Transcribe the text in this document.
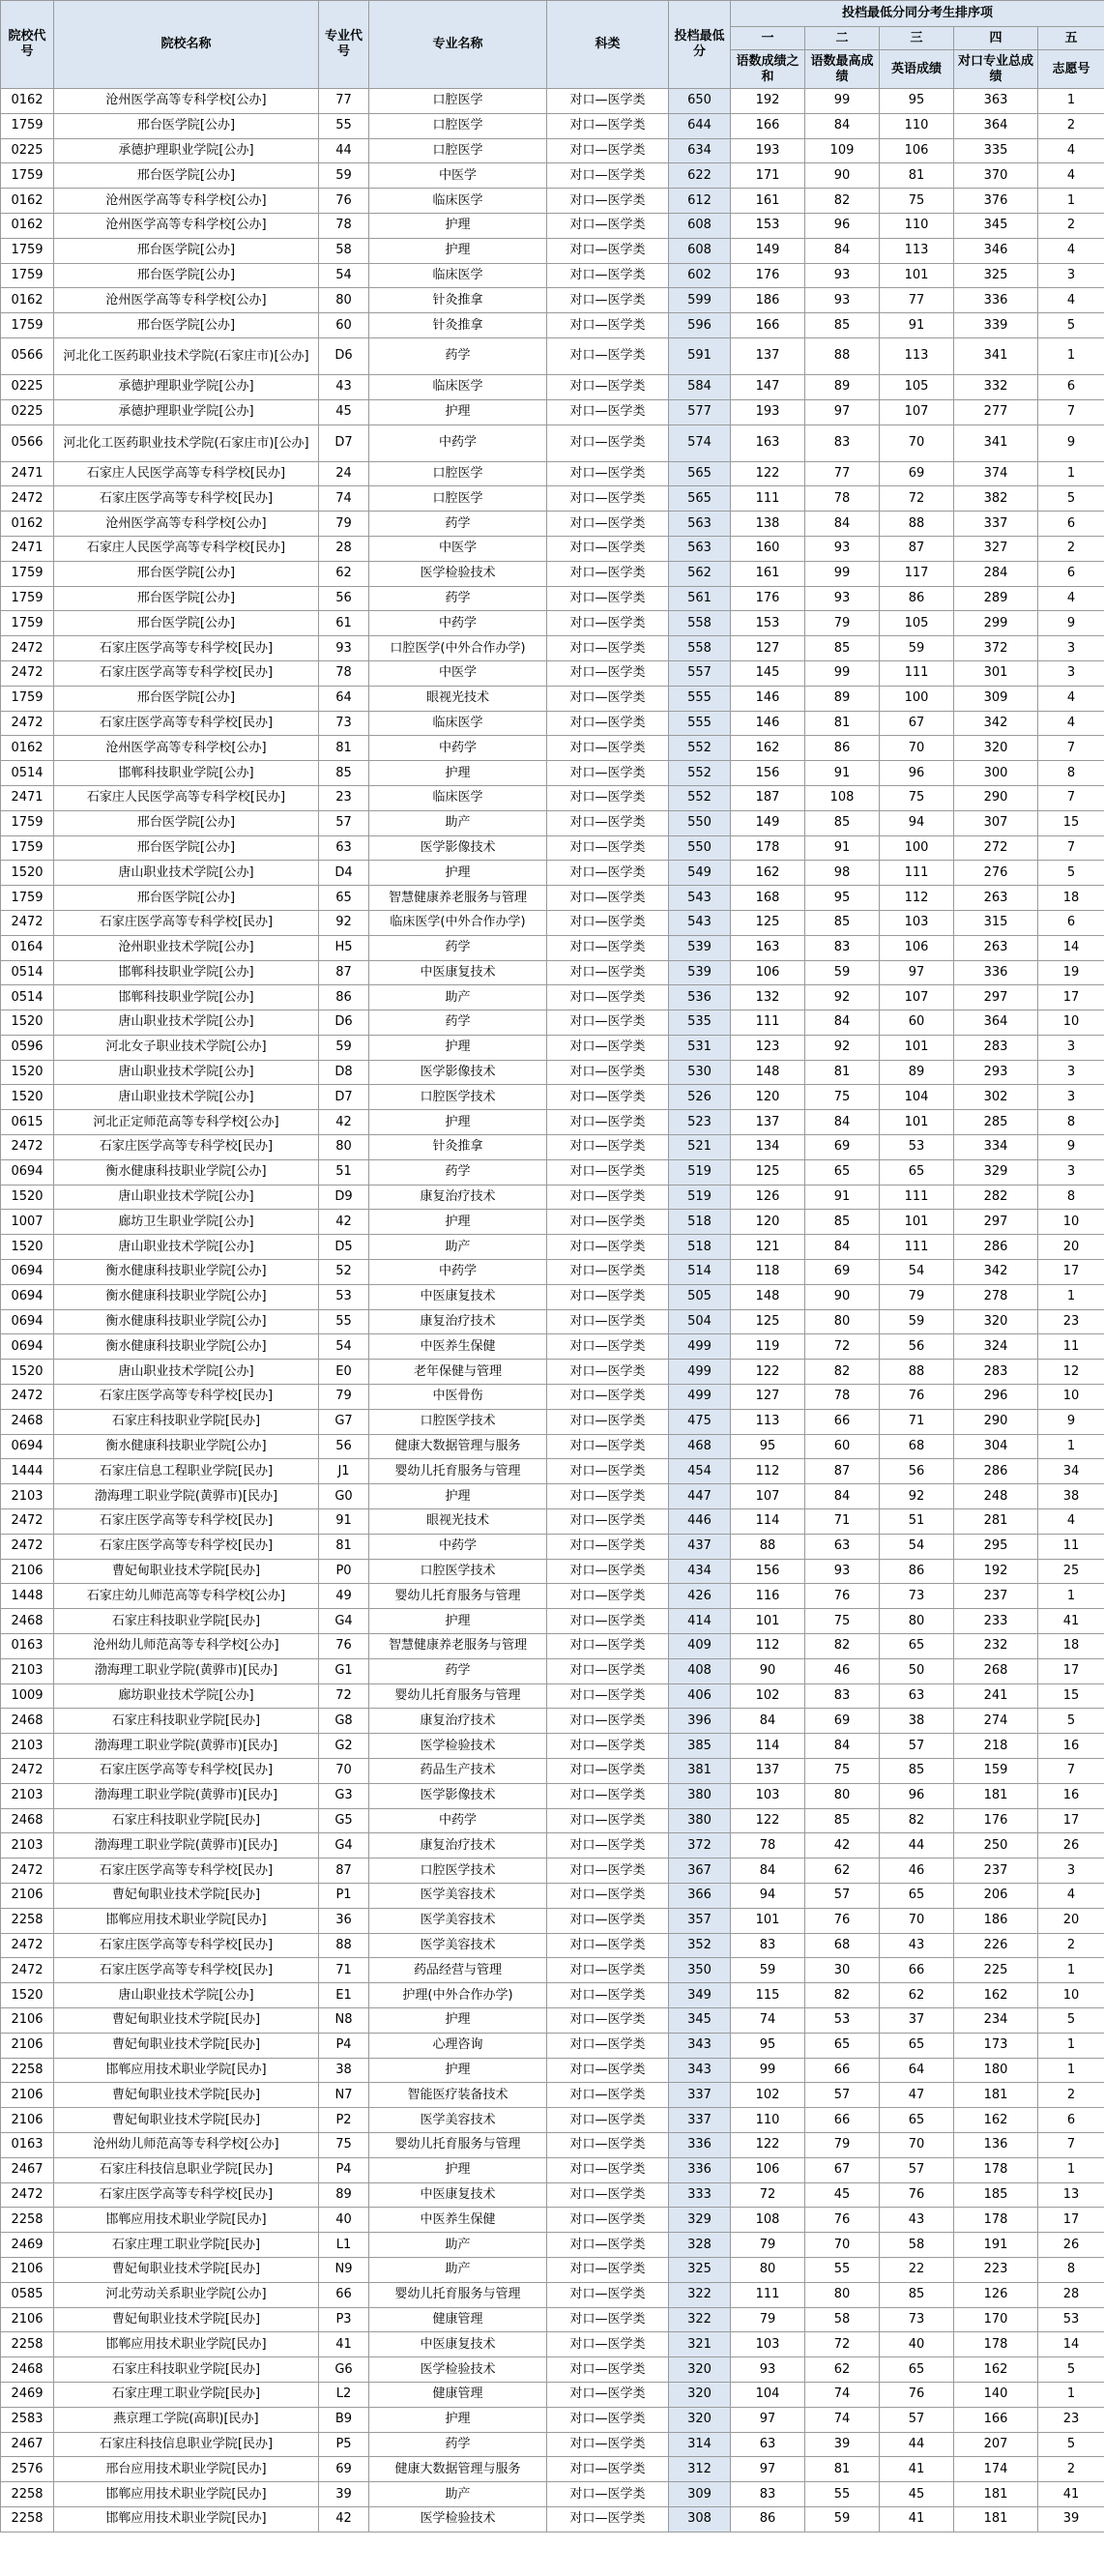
院校代号	院校名称	专业代号	专业名称	科类	投档最低分	投档最低分同分考生排序项				
						一	二	三	四	五
						语数成绩之和	语数最高成绩	英语成绩	对口专业总成绩	志愿号
0162	沧州医学高等专科学校[公办]	77	口腔医学	对口—医学类	650	192	99	95	363	1
1759	邢台医学院[公办]	55	口腔医学	对口—医学类	644	166	84	110	364	2
0225	承德护理职业学院[公办]	44	口腔医学	对口—医学类	634	193	109	106	335	4
1759	邢台医学院[公办]	59	中医学	对口—医学类	622	171	90	81	370	4
0162	沧州医学高等专科学校[公办]	76	临床医学	对口—医学类	612	161	82	75	376	1
0162	沧州医学高等专科学校[公办]	78	护理	对口—医学类	608	153	96	110	345	2
1759	邢台医学院[公办]	58	护理	对口—医学类	608	149	84	113	346	4
1759	邢台医学院[公办]	54	临床医学	对口—医学类	602	176	93	101	325	3
0162	沧州医学高等专科学校[公办]	80	针灸推拿	对口—医学类	599	186	93	77	336	4
1759	邢台医学院[公办]	60	针灸推拿	对口—医学类	596	166	85	91	339	5
0566	河北化工医药职业技术学院(石家庄市)[公办]	D6	药学	对口—医学类	591	137	88	113	341	1
0225	承德护理职业学院[公办]	43	临床医学	对口—医学类	584	147	89	105	332	6
0225	承德护理职业学院[公办]	45	护理	对口—医学类	577	193	97	107	277	7
0566	河北化工医药职业技术学院(石家庄市)[公办]	D7	中药学	对口—医学类	574	163	83	70	341	9
2471	石家庄人民医学高等专科学校[民办]	24	口腔医学	对口—医学类	565	122	77	69	374	1
2472	石家庄医学高等专科学校[民办]	74	口腔医学	对口—医学类	565	111	78	72	382	5
0162	沧州医学高等专科学校[公办]	79	药学	对口—医学类	563	138	84	88	337	6
2471	石家庄人民医学高等专科学校[民办]	28	中医学	对口—医学类	563	160	93	87	327	2
1759	邢台医学院[公办]	62	医学检验技术	对口—医学类	562	161	99	117	284	6
1759	邢台医学院[公办]	56	药学	对口—医学类	561	176	93	86	289	4
1759	邢台医学院[公办]	61	中药学	对口—医学类	558	153	79	105	299	9
2472	石家庄医学高等专科学校[民办]	93	口腔医学(中外合作办学)	对口—医学类	558	127	85	59	372	3
2472	石家庄医学高等专科学校[民办]	78	中医学	对口—医学类	557	145	99	111	301	3
1759	邢台医学院[公办]	64	眼视光技术	对口—医学类	555	146	89	100	309	4
2472	石家庄医学高等专科学校[民办]	73	临床医学	对口—医学类	555	146	81	67	342	4
0162	沧州医学高等专科学校[公办]	81	中药学	对口—医学类	552	162	86	70	320	7
0514	邯郸科技职业学院[公办]	85	护理	对口—医学类	552	156	91	96	300	8
2471	石家庄人民医学高等专科学校[民办]	23	临床医学	对口—医学类	552	187	108	75	290	7
1759	邢台医学院[公办]	57	助产	对口—医学类	550	149	85	94	307	15
1759	邢台医学院[公办]	63	医学影像技术	对口—医学类	550	178	91	100	272	7
1520	唐山职业技术学院[公办]	D4	护理	对口—医学类	549	162	98	111	276	5
1759	邢台医学院[公办]	65	智慧健康养老服务与管理	对口—医学类	543	168	95	112	263	18
2472	石家庄医学高等专科学校[民办]	92	临床医学(中外合作办学)	对口—医学类	543	125	85	103	315	6
0164	沧州职业技术学院[公办]	H5	药学	对口—医学类	539	163	83	106	263	14
0514	邯郸科技职业学院[公办]	87	中医康复技术	对口—医学类	539	106	59	97	336	19
0514	邯郸科技职业学院[公办]	86	助产	对口—医学类	536	132	92	107	297	17
1520	唐山职业技术学院[公办]	D6	药学	对口—医学类	535	111	84	60	364	10
0596	河北女子职业技术学院[公办]	59	护理	对口—医学类	531	123	92	101	283	3
1520	唐山职业技术学院[公办]	D8	医学影像技术	对口—医学类	530	148	81	89	293	3
1520	唐山职业技术学院[公办]	D7	口腔医学技术	对口—医学类	526	120	75	104	302	3
0615	河北正定师范高等专科学校[公办]	42	护理	对口—医学类	523	137	84	101	285	8
2472	石家庄医学高等专科学校[民办]	80	针灸推拿	对口—医学类	521	134	69	53	334	9
0694	衡水健康科技职业学院[公办]	51	药学	对口—医学类	519	125	65	65	329	3
1520	唐山职业技术学院[公办]	D9	康复治疗技术	对口—医学类	519	126	91	111	282	8
1007	廊坊卫生职业学院[公办]	42	护理	对口—医学类	518	120	85	101	297	10
1520	唐山职业技术学院[公办]	D5	助产	对口—医学类	518	121	84	111	286	20
0694	衡水健康科技职业学院[公办]	52	中药学	对口—医学类	514	118	69	54	342	17
0694	衡水健康科技职业学院[公办]	53	中医康复技术	对口—医学类	505	148	90	79	278	1
0694	衡水健康科技职业学院[公办]	55	康复治疗技术	对口—医学类	504	125	80	59	320	23
0694	衡水健康科技职业学院[公办]	54	中医养生保健	对口—医学类	499	119	72	56	324	11
1520	唐山职业技术学院[公办]	E0	老年保健与管理	对口—医学类	499	122	82	88	283	12
2472	石家庄医学高等专科学校[民办]	79	中医骨伤	对口—医学类	499	127	78	76	296	10
2468	石家庄科技职业学院[民办]	G7	口腔医学技术	对口—医学类	475	113	66	71	290	9
0694	衡水健康科技职业学院[公办]	56	健康大数据管理与服务	对口—医学类	468	95	60	68	304	1
1444	石家庄信息工程职业学院[民办]	J1	婴幼儿托育服务与管理	对口—医学类	454	112	87	56	286	34
2103	渤海理工职业学院(黄骅市)[民办]	G0	护理	对口—医学类	447	107	84	92	248	38
2472	石家庄医学高等专科学校[民办]	91	眼视光技术	对口—医学类	446	114	71	51	281	4
2472	石家庄医学高等专科学校[民办]	81	中药学	对口—医学类	437	88	63	54	295	11
2106	曹妃甸职业技术学院[民办]	P0	口腔医学技术	对口—医学类	434	156	93	86	192	25
1448	石家庄幼儿师范高等专科学校[公办]	49	婴幼儿托育服务与管理	对口—医学类	426	116	76	73	237	1
2468	石家庄科技职业学院[民办]	G4	护理	对口—医学类	414	101	75	80	233	41
0163	沧州幼儿师范高等专科学校[公办]	76	智慧健康养老服务与管理	对口—医学类	409	112	82	65	232	18
2103	渤海理工职业学院(黄骅市)[民办]	G1	药学	对口—医学类	408	90	46	50	268	17
1009	廊坊职业技术学院[公办]	72	婴幼儿托育服务与管理	对口—医学类	406	102	83	63	241	15
2468	石家庄科技职业学院[民办]	G8	康复治疗技术	对口—医学类	396	84	69	38	274	5
2103	渤海理工职业学院(黄骅市)[民办]	G2	医学检验技术	对口—医学类	385	114	84	57	218	16
2472	石家庄医学高等专科学校[民办]	70	药品生产技术	对口—医学类	381	137	75	85	159	7
2103	渤海理工职业学院(黄骅市)[民办]	G3	医学影像技术	对口—医学类	380	103	80	96	181	16
2468	石家庄科技职业学院[民办]	G5	中药学	对口—医学类	380	122	85	82	176	17
2103	渤海理工职业学院(黄骅市)[民办]	G4	康复治疗技术	对口—医学类	372	78	42	44	250	26
2472	石家庄医学高等专科学校[民办]	87	口腔医学技术	对口—医学类	367	84	62	46	237	3
2106	曹妃甸职业技术学院[民办]	P1	医学美容技术	对口—医学类	366	94	57	65	206	4
2258	邯郸应用技术职业学院[民办]	36	医学美容技术	对口—医学类	357	101	76	70	186	20
2472	石家庄医学高等专科学校[民办]	88	医学美容技术	对口—医学类	352	83	68	43	226	2
2472	石家庄医学高等专科学校[民办]	71	药品经营与管理	对口—医学类	350	59	30	66	225	1
1520	唐山职业技术学院[公办]	E1	护理(中外合作办学)	对口—医学类	349	115	82	62	162	10
2106	曹妃甸职业技术学院[民办]	N8	护理	对口—医学类	345	74	53	37	234	5
2106	曹妃甸职业技术学院[民办]	P4	心理咨询	对口—医学类	343	95	65	65	173	1
2258	邯郸应用技术职业学院[民办]	38	护理	对口—医学类	343	99	66	64	180	1
2106	曹妃甸职业技术学院[民办]	N7	智能医疗装备技术	对口—医学类	337	102	57	47	181	2
2106	曹妃甸职业技术学院[民办]	P2	医学美容技术	对口—医学类	337	110	66	65	162	6
0163	沧州幼儿师范高等专科学校[公办]	75	婴幼儿托育服务与管理	对口—医学类	336	122	79	70	136	7
2467	石家庄科技信息职业学院[民办]	P4	护理	对口—医学类	336	106	67	57	178	1
2472	石家庄医学高等专科学校[民办]	89	中医康复技术	对口—医学类	333	72	45	76	185	13
2258	邯郸应用技术职业学院[民办]	40	中医养生保健	对口—医学类	329	108	76	43	178	17
2469	石家庄理工职业学院[民办]	L1	助产	对口—医学类	328	79	70	58	191	26
2106	曹妃甸职业技术学院[民办]	N9	助产	对口—医学类	325	80	55	22	223	8
0585	河北劳动关系职业学院[公办]	66	婴幼儿托育服务与管理	对口—医学类	322	111	80	85	126	28
2106	曹妃甸职业技术学院[民办]	P3	健康管理	对口—医学类	322	79	58	73	170	53
2258	邯郸应用技术职业学院[民办]	41	中医康复技术	对口—医学类	321	103	72	40	178	14
2468	石家庄科技职业学院[民办]	G6	医学检验技术	对口—医学类	320	93	62	65	162	5
2469	石家庄理工职业学院[民办]	L2	健康管理	对口—医学类	320	104	74	76	140	1
2583	燕京理工学院(高职)[民办]	B9	护理	对口—医学类	320	97	74	57	166	23
2467	石家庄科技信息职业学院[民办]	P5	药学	对口—医学类	314	63	39	44	207	5
2576	邢台应用技术职业学院[民办]	69	健康大数据管理与服务	对口—医学类	312	97	81	41	174	2
2258	邯郸应用技术职业学院[民办]	39	助产	对口—医学类	309	83	55	45	181	41
2258	邯郸应用技术职业学院[民办]	42	医学检验技术	对口—医学类	308	86	59	41	181	39
